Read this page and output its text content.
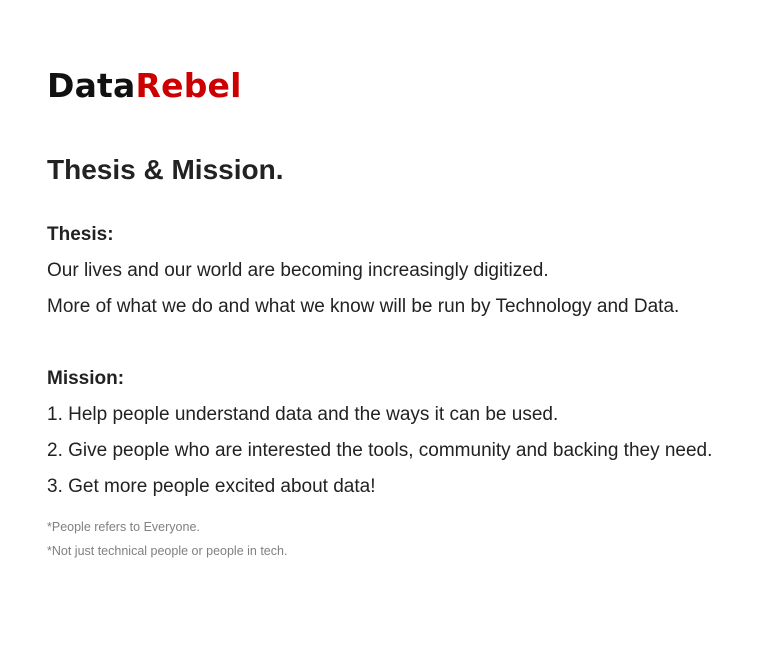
DataRebel
Thesis & Mission.
Thesis:

Our lives and our world are becoming increasingly digitized.

More of what we do and what we know will be run by Technology and Data.

Mission:

1. Help people understand data and the ways it can be used.

2. Give people who are interested the tools, community and backing they need.

3. Get more people excited about data!

*People refers to Everyone.

*Not just technical people or people in tech.
